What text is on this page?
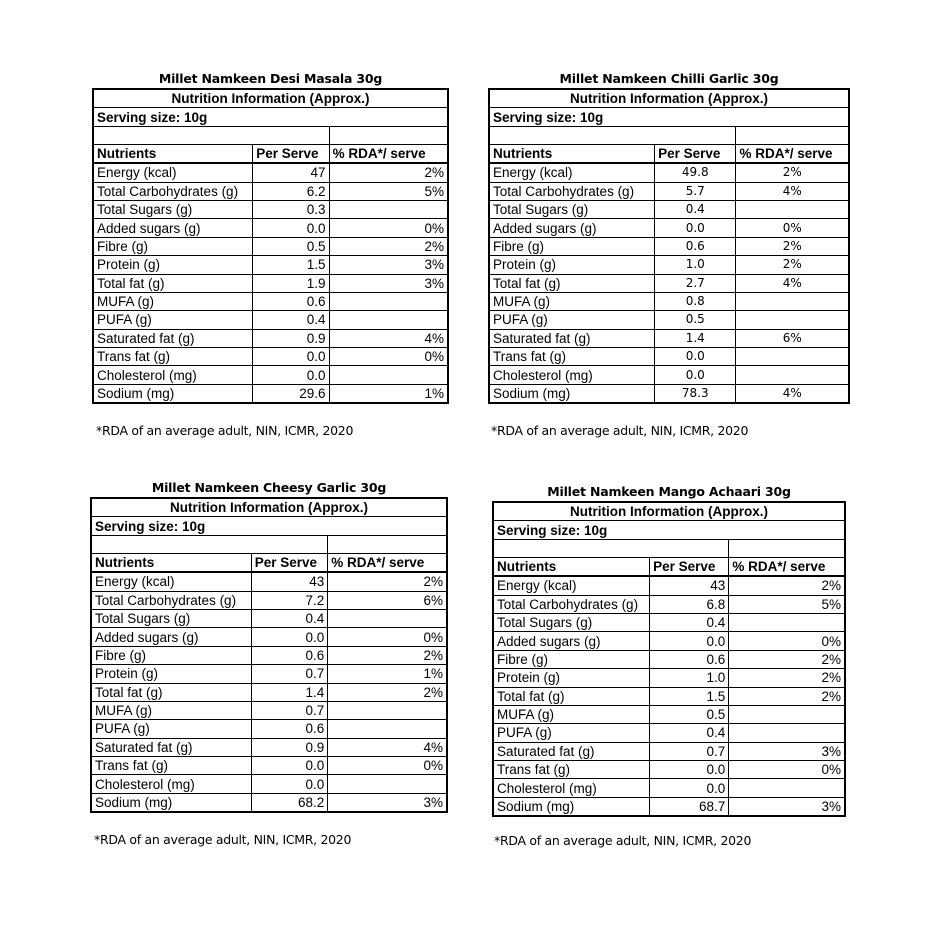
Millet Namkeen Desi Masala 30g
Nutrition Information (Approx.)		
Serving size: 10g		

Nutrients	Per Serve	% RDA*/ serve
Energy (kcal)	47	2%
Total Carbohydrates (g)	6.2	5%
Total Sugars (g)	0.3	
Added sugars (g)	0.0	0%
Fibre (g)	0.5	2%
Protein (g)	1.5	3%
Total fat (g)	1.9	3%
MUFA (g)	0.6	
PUFA (g)	0.4	
Saturated fat (g)	0.9	4%
Trans fat (g)	0.0	0%
Cholesterol (mg)	0.0	
Sodium (mg)	29.6	1%
*RDA of an average adult, NIN, ICMR, 2020
Millet Namkeen Chilli Garlic 30g
Nutrition Information (Approx.)		
Serving size: 10g		

Nutrients	Per Serve	% RDA*/ serve
Energy (kcal)	49.8	2%
Total Carbohydrates (g)	5.7	4%
Total Sugars (g)	0.4	
Added sugars (g)	0.0	0%
Fibre (g)	0.6	2%
Protein (g)	1.0	2%
Total fat (g)	2.7	4%
MUFA (g)	0.8	
PUFA (g)	0.5	
Saturated fat (g)	1.4	6%
Trans fat (g)	0.0	
Cholesterol (mg)	0.0	
Sodium (mg)	78.3	4%
*RDA of an average adult, NIN, ICMR, 2020
Millet Namkeen Cheesy Garlic 30g
Nutrition Information (Approx.)		
Serving size: 10g		

Nutrients	Per Serve	% RDA*/ serve
Energy (kcal)	43	2%
Total Carbohydrates (g)	7.2	6%
Total Sugars (g)	0.4	
Added sugars (g)	0.0	0%
Fibre (g)	0.6	2%
Protein (g)	0.7	1%
Total fat (g)	1.4	2%
MUFA (g)	0.7	
PUFA (g)	0.6	
Saturated fat (g)	0.9	4%
Trans fat (g)	0.0	0%
Cholesterol (mg)	0.0	
Sodium (mg)	68.2	3%
*RDA of an average adult, NIN, ICMR, 2020
Millet Namkeen Mango Achaari 30g
Nutrition Information (Approx.)		
Serving size: 10g		

Nutrients	Per Serve	% RDA*/ serve
Energy (kcal)	43	2%
Total Carbohydrates (g)	6.8	5%
Total Sugars (g)	0.4	
Added sugars (g)	0.0	0%
Fibre (g)	0.6	2%
Protein (g)	1.0	2%
Total fat (g)	1.5	2%
MUFA (g)	0.5	
PUFA (g)	0.4	
Saturated fat (g)	0.7	3%
Trans fat (g)	0.0	0%
Cholesterol (mg)	0.0	
Sodium (mg)	68.7	3%
*RDA of an average adult, NIN, ICMR, 2020
